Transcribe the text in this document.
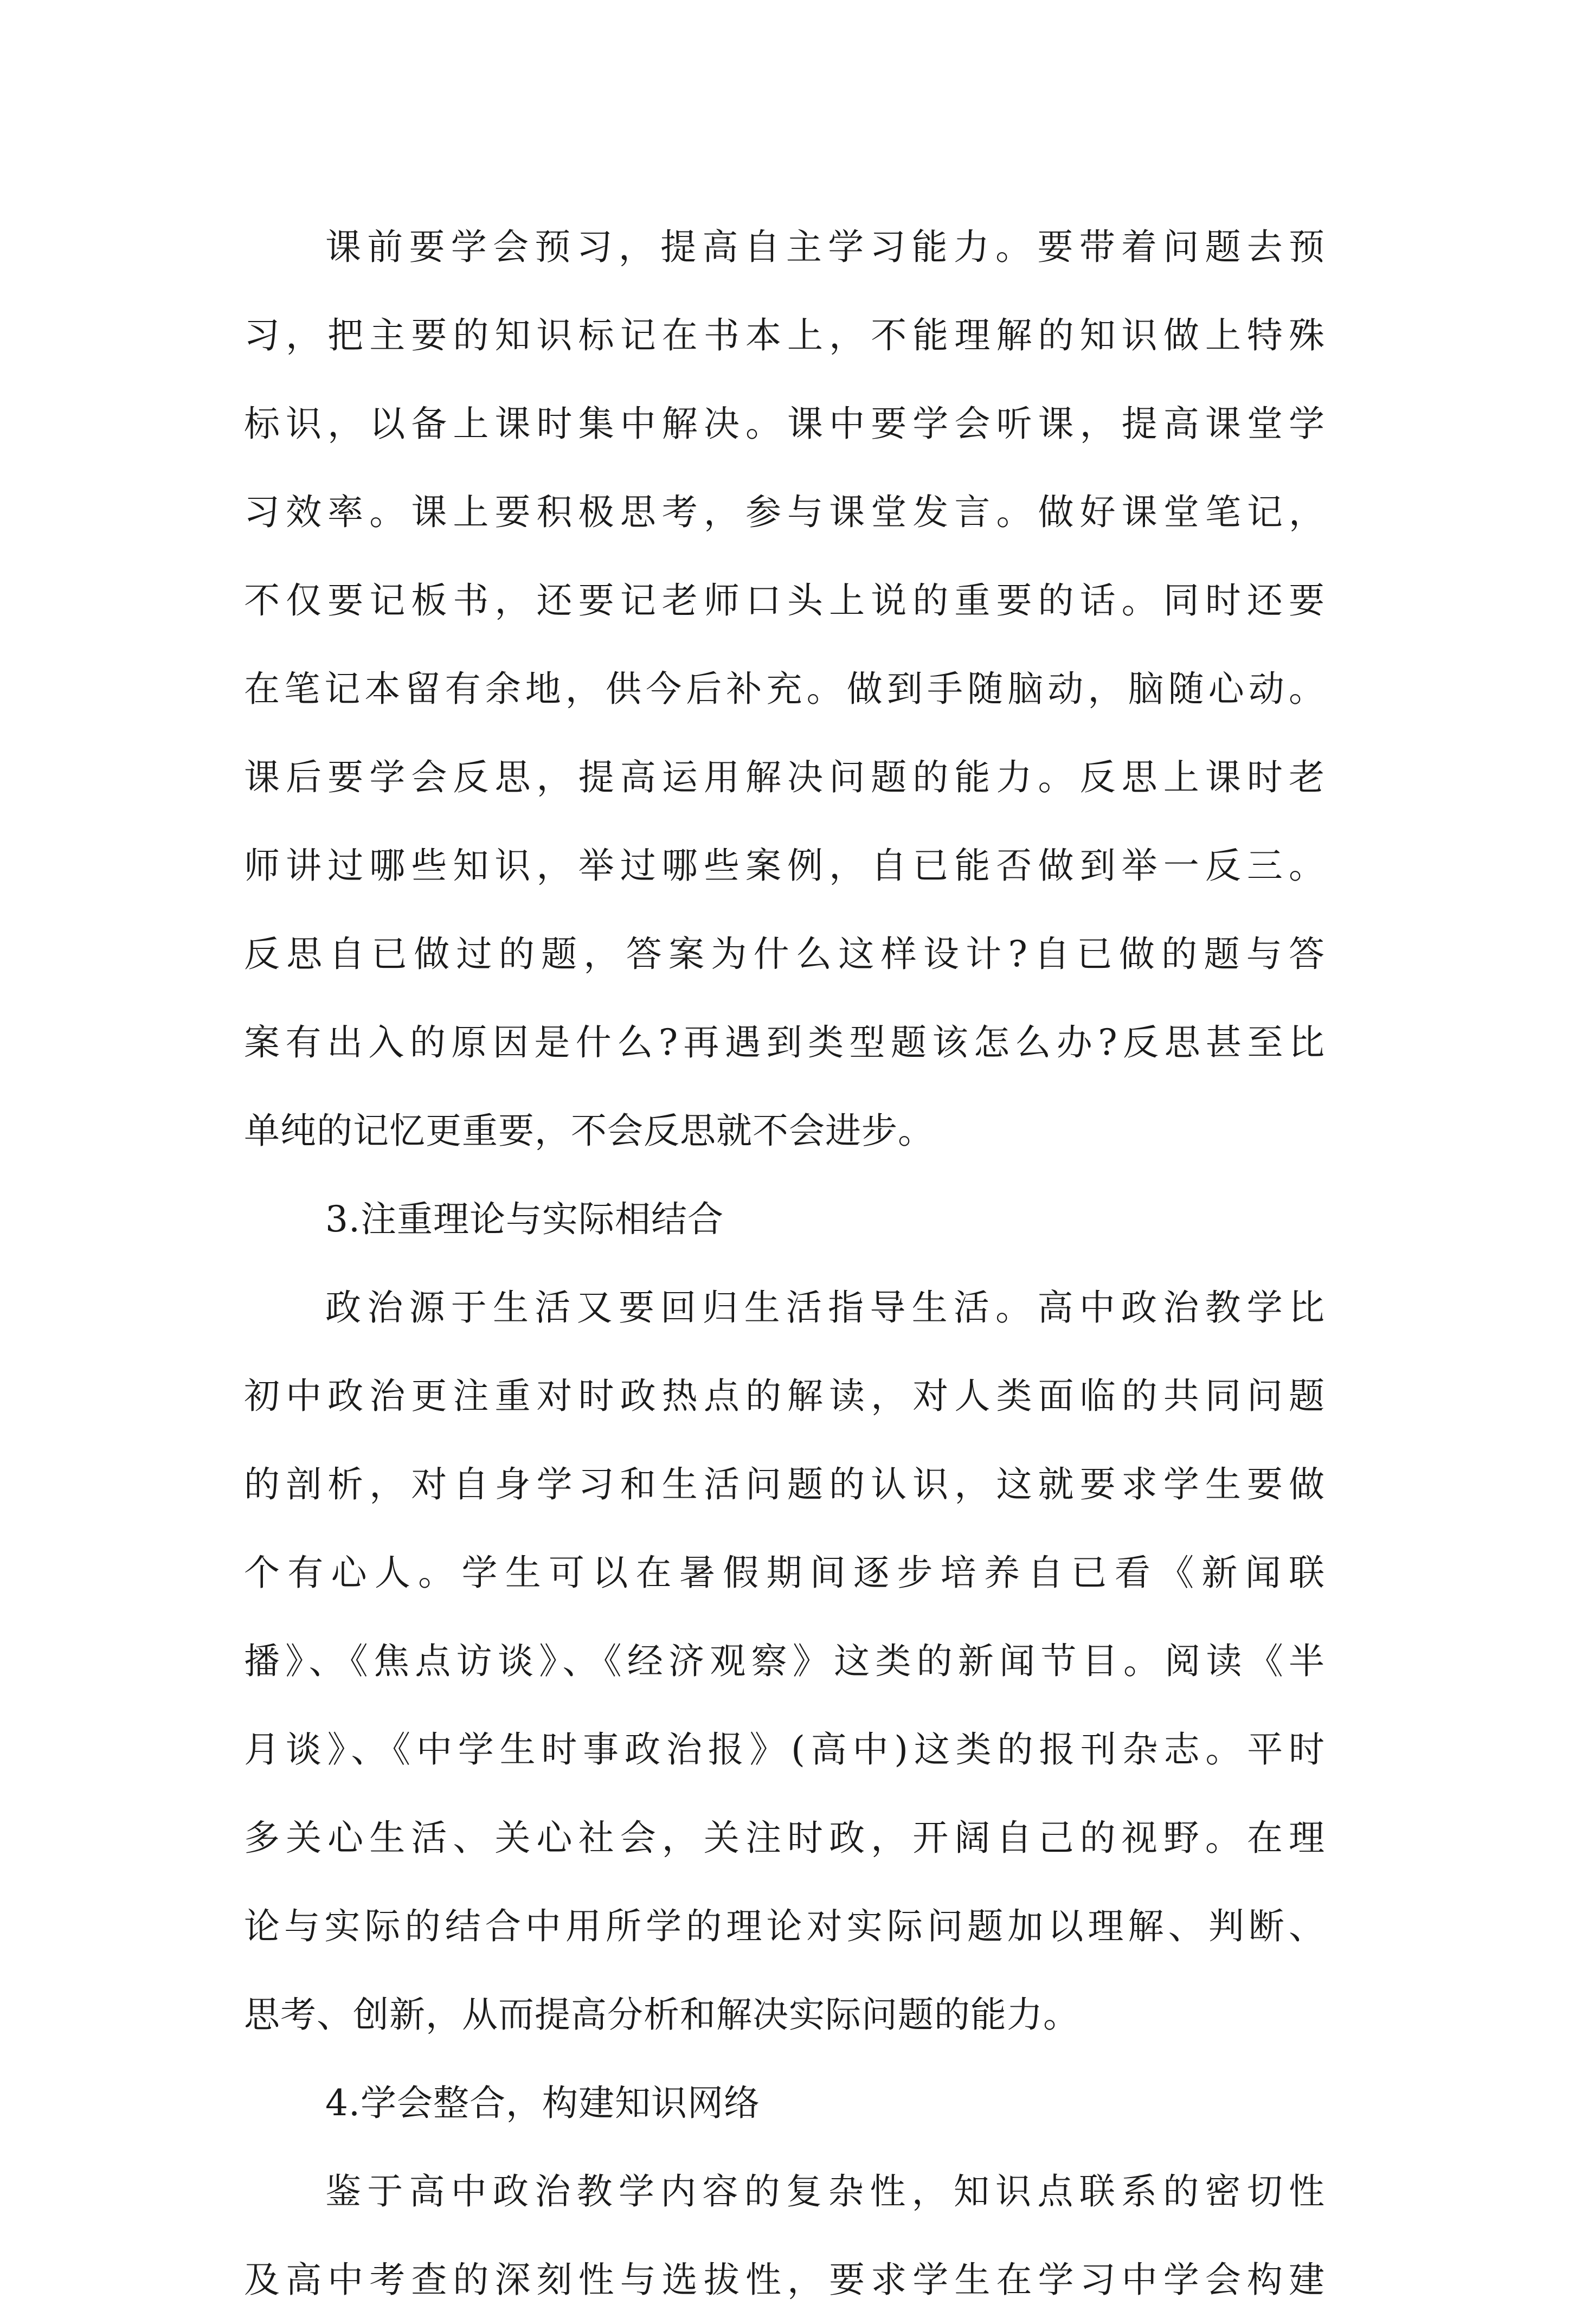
课前要学会预习，提高自主学习能力。要带着问题去预
习，把主要的知识标记在书本上，不能理解的知识做上特殊
标识，以备上课时集中解决。课中要学会听课，提高课堂学
习效率。课上要积极思考，参与课堂发言。做好课堂笔记，
不仅要记板书，还要记老师口头上说的重要的话。同时还要
在笔记本留有余地，供今后补充。做到手随脑动，脑随心动。
课后要学会反思，提高运用解决问题的能力。反思上课时老
师讲过哪些知识，举过哪些案例，自已能否做到举一反三。
反思自已做过的题，答案为什么这样设计?自已做的题与答
案有出入的原因是什么?再遇到类型题该怎么办?反思甚至比
单纯的记忆更重要，不会反思就不会进步。
3.注重理论与实际相结合
政治源于生活又要回归生活指导生活。高中政治教学比
初中政治更注重对时政热点的解读，对人类面临的共同问题
的剖析，对自身学习和生活问题的认识，这就要求学生要做
个有心人。学生可以在暑假期间逐步培养自已看《新闻联
播》、《焦点访谈》、《经济观察》这类的新闻节目。阅读《半
月谈》、《中学生时事政治报》(高中)这类的报刊杂志。平时
多关心生活、关心社会，关注时政，开阔自己的视野。在理
论与实际的结合中用所学的理论对实际问题加以理解、判断、
思考、创新，从而提高分析和解决实际问题的能力。
4.学会整合，构建知识网络
鉴于高中政治教学内容的复杂性，知识点联系的密切性
及高中考查的深刻性与选拔性，要求学生在学习中学会构建
